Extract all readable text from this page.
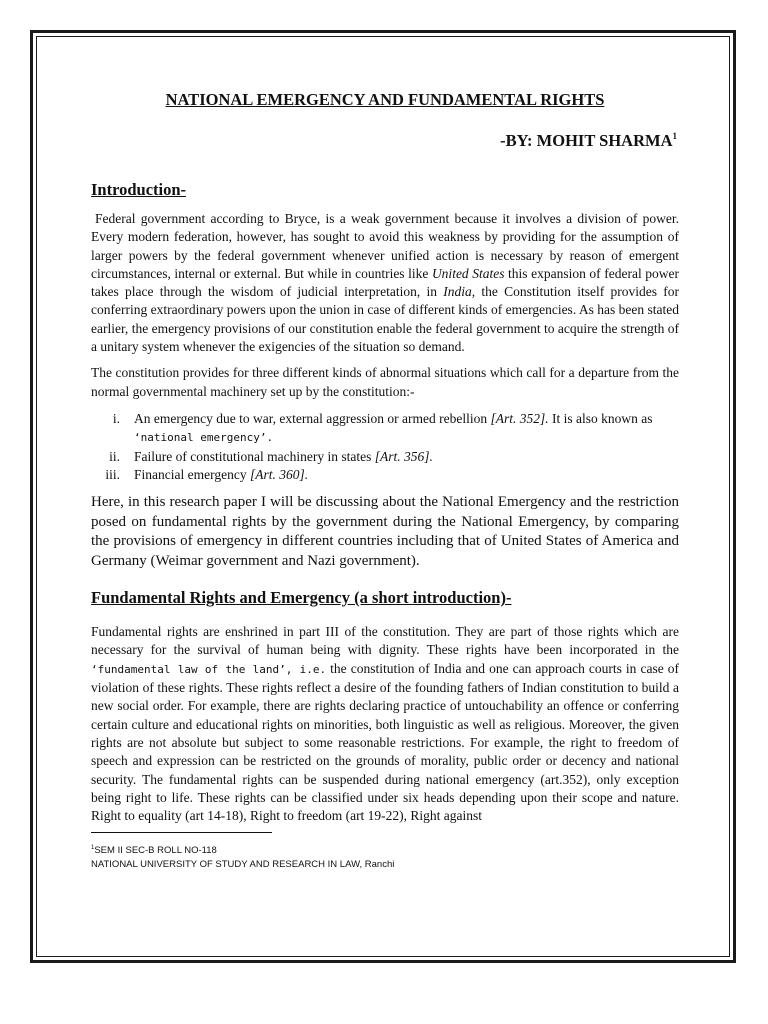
NATIONAL EMERGENCY AND FUNDAMENTAL RIGHTS
-BY: MOHIT SHARMA$^1$
Introduction-

Federal government according to Bryce, is a weak government because it involves a division of power. Every modern federation, however, has sought to avoid this weakness by providing for the assumption of larger powers by the federal government whenever unified action is necessary by reason of emergent circumstances, internal or external. But while in countries like United States this expansion of federal power takes place through the wisdom of judicial interpretation, in India, the Constitution itself provides for conferring extraordinary powers upon the union in case of different kinds of emergencies. As has been stated earlier, the emergency provisions of our constitution enable the federal government to acquire the strength of a unitary system whenever the exigencies of the situation so demand.

The constitution provides for three different kinds of abnormal situations which call for a departure from the normal governmental machinery set up by the constitution:-

i.	An emergency due to war, external aggression or armed rebellion [Art. 352]. It is also known as ‘national emergency’.
ii.	Failure of constitutional machinery in states [Art. 356].
iii.	Financial emergency [Art. 360].

Here, in this research paper I will be discussing about the National Emergency and the restriction posed on fundamental rights by the government during the National Emergency, by comparing the provisions of emergency in different countries including that of United States of America and Germany (Weimar government and Nazi government).

Fundamental Rights and Emergency (a short introduction)-

Fundamental rights are enshrined in part III of the constitution. They are part of those rights which are necessary for the survival of human being with dignity. These rights have been incorporated in the ‘fundamental law of the land’, i.e. the constitution of India and one can approach courts in case of violation of these rights. These rights reflect a desire of the founding fathers of Indian constitution to build a new social order. For example, there are rights declaring practice of untouchability an offence or conferring certain culture and educational rights on minorities, both linguistic as well as religious. Moreover, the given rights are not absolute but subject to some reasonable restrictions. For example, the right to freedom of speech and expression can be restricted on the grounds of morality, public order or decency and national security. The fundamental rights can be suspended during national emergency (art.352), only exception being right to life. These rights can be classified under six heads depending upon their scope and nature. Right to equality (art 14-18), Right to freedom (art 19-22), Right against

$^1$SEM II SEC-B ROLL NO-118
NATIONAL UNIVERSITY OF STUDY AND RESEARCH IN LAW, Ranchi
